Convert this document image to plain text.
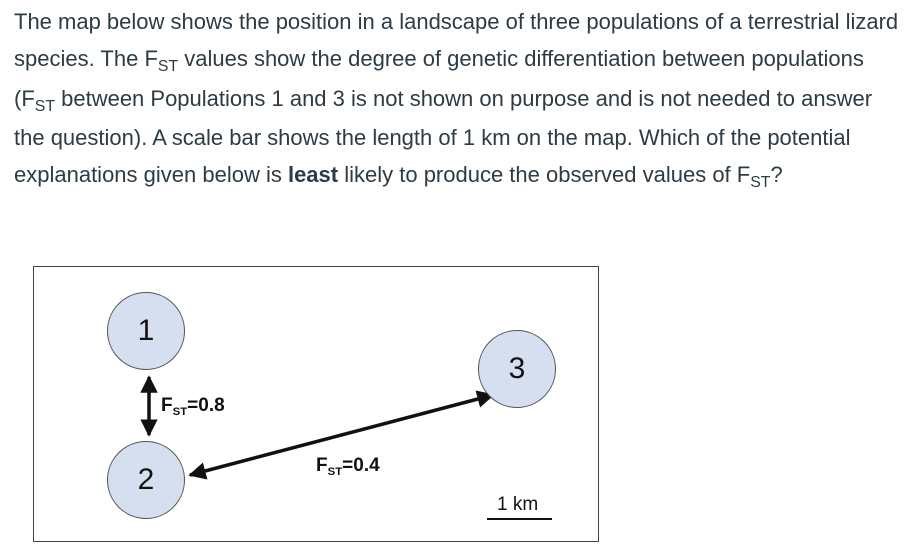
The map below shows the position in a landscape of three populations of a terrestrial lizard species. The $F_{ST}$ values show the degree of genetic differentiation between populations ($F_{ST}$ between Populations 1 and 3 is not shown on purpose and is not needed to answer the question). A scale bar shows the length of 1 km on the map. Which of the potential explanations given below is least likely to produce the observed values of $F_{ST}$?
1
2
3
$F_{ST}=0.8$
$F_{ST}=0.4$
1 km
